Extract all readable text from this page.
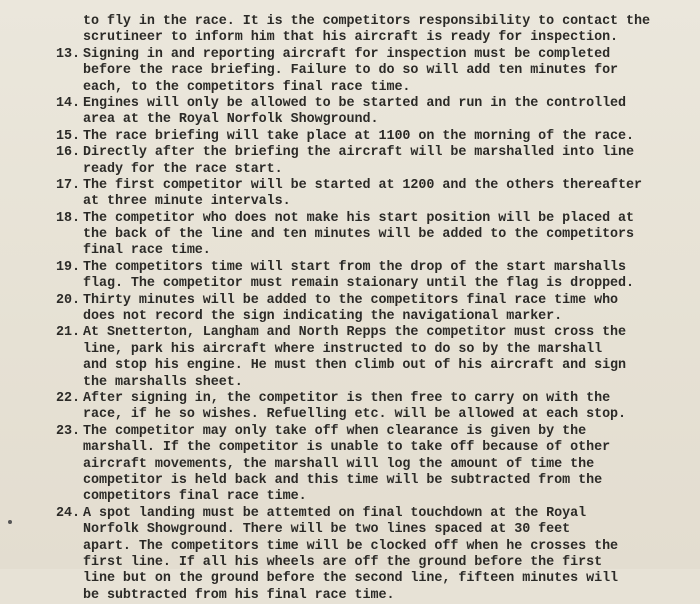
to fly in the race. It is the competitors responsibility to contact the
scrutineer to inform him that his aircraft is ready for inspection.
13. Signing in and reporting aircraft for inspection must be completed
before the race briefing. Failure to do so will add ten minutes for
each, to the competitors final race time.
14. Engines will only be allowed to be started and run in the controlled
area at the Royal Norfolk Showground.
15. The race briefing will take place at 1100 on the morning of the race.
16. Directly after the briefing the aircraft will be marshalled into line
ready for the race start.
17. The first competitor will be started at 1200 and the others thereafter
at three minute intervals.
18. The competitor who does not make his start position will be placed at
the back of the line and ten minutes will be added to the competitors
final race time.
19. The competitors time will start from the drop of the start marshalls
flag. The competitor must remain staionary until the flag is dropped.
20. Thirty minutes will be added to the competitors final race time who
does not record the sign indicating the navigational marker.
21. At Snetterton, Langham and North Repps the competitor must cross the
line, park his aircraft where instructed to do so by the marshall
and stop his engine. He must then climb out of his aircraft and sign
the marshalls sheet.
22. After signing in, the competitor is then free to carry on with the
race, if he so wishes. Refuelling etc. will be allowed at each stop.
23. The competitor may only take off when clearance is given by the
marshall. If the competitor is unable to take off because of other
aircraft movements, the marshall will log the amount of time the
competitor is held back and this time will be subtracted from the
competitors final race time.
24. A spot landing must be attemted on final touchdown at the Royal
Norfolk Showground. There will be two lines spaced at 30 feet
apart. The competitors time will be clocked off when he crosses the
first line. If all his wheels are off the ground before the first
line but on the ground before the second line, fifteen minutes will
be subtracted from his final race time.
